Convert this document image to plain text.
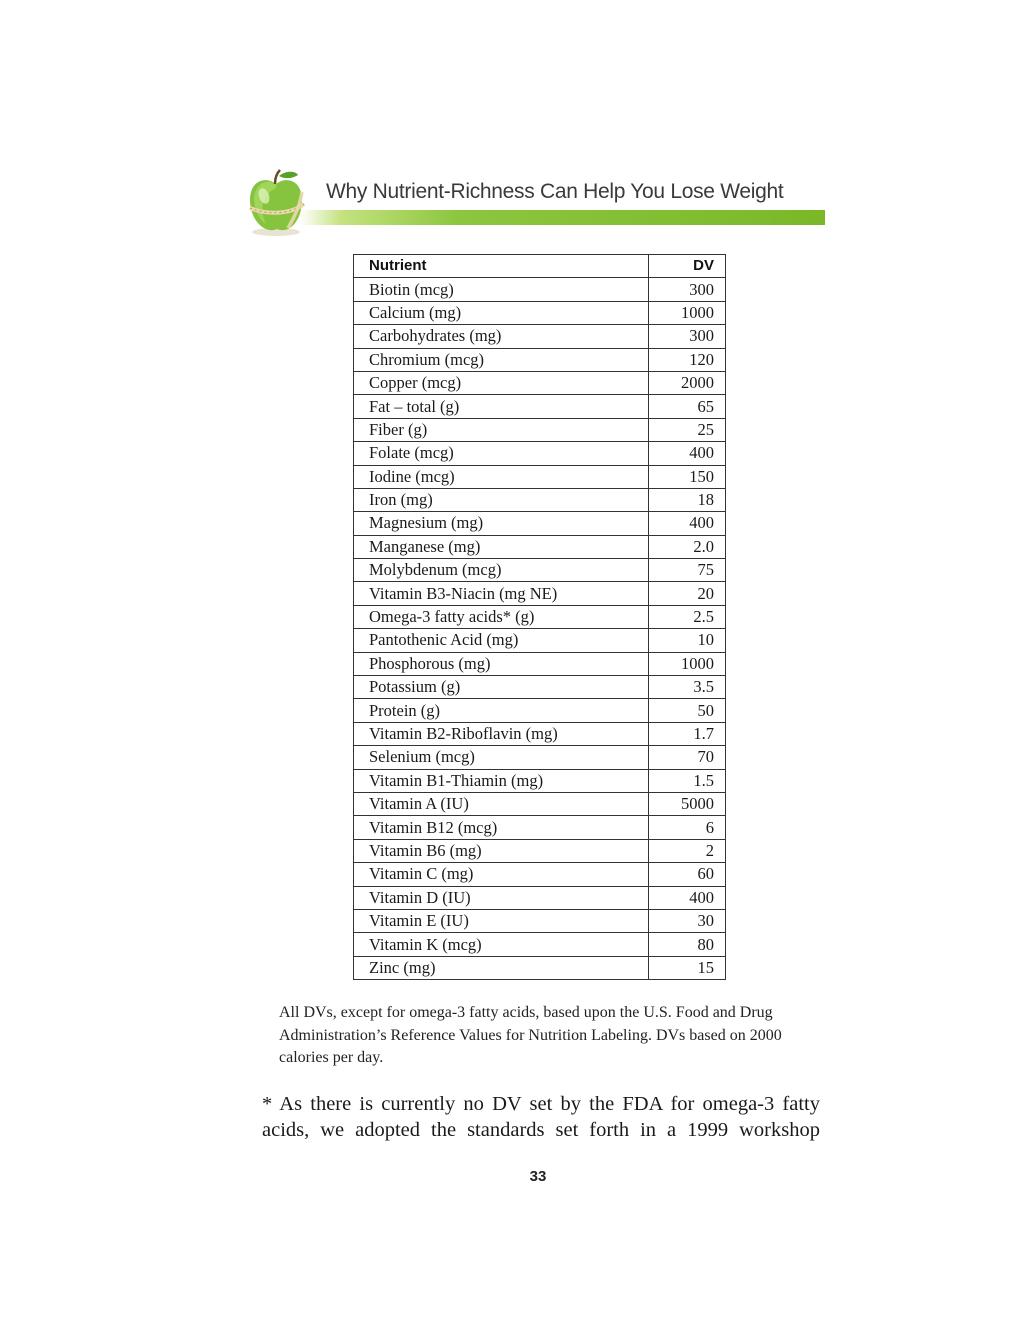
Why Nutrient-Richness Can Help You Lose Weight
Nutrient	DV
Biotin (mcg)	300
Calcium (mg)	1000
Carbohydrates (mg)	300
Chromium (mcg)	120
Copper (mcg)	2000
Fat – total (g)	65
Fiber (g)	25
Folate (mcg)	400
Iodine (mcg)	150
Iron (mg)	18
Magnesium (mg)	400
Manganese (mg)	2.0
Molybdenum (mcg)	75
Vitamin B3-Niacin (mg NE)	20
Omega-3 fatty acids* (g)	2.5
Pantothenic Acid (mg)	10
Phosphorous (mg)	1000
Potassium (g)	3.5
Protein (g)	50
Vitamin B2-Riboflavin (mg)	1.7
Selenium (mcg)	70
Vitamin B1-Thiamin (mg)	1.5
Vitamin A (IU)	5000
Vitamin B12 (mcg)	6
Vitamin B6 (mg)	2
Vitamin C (mg)	60
Vitamin D (IU)	400
Vitamin E (IU)	30
Vitamin K (mcg)	80
Zinc (mg)	15
All DVs, except for omega-3 fatty acids, based upon the U.S. Food and Drug Administration’s Reference Values for Nutrition Labeling. DVs based on 2000 calories per day.
* As there is currently no DV set by the FDA for omega-3 fatty acids, we adopted the standards set forth in a 1999 workshop
33
